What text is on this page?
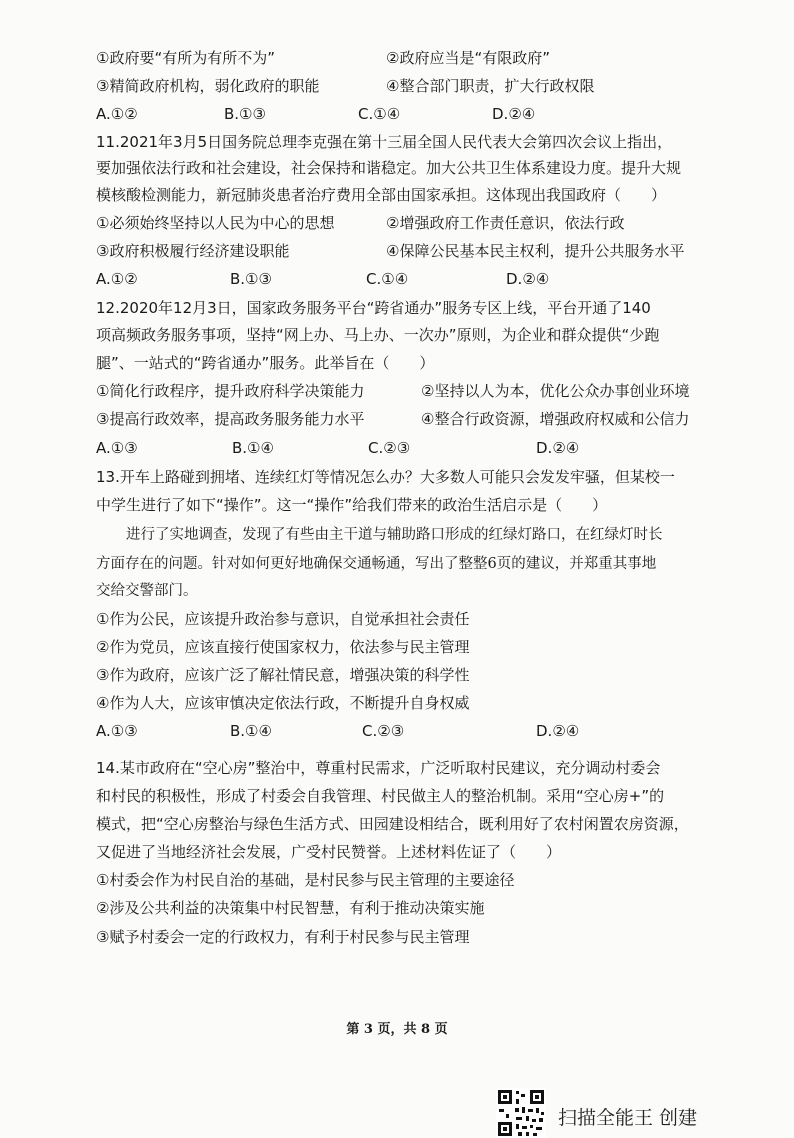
①政府要“有所为有所不为”	②政府应当是“有限政府”
③精简政府机构，弱化政府的职能	④整合部门职责，扩大行政权限
A.①②	B.①③	C.①④	D.②④
11.2021年3月5日国务院总理李克强在第十三届全国人民代表大会第四次会议上指出，
要加强依法行政和社会建设，社会保持和谐稳定。加大公共卫生体系建设力度。提升大规
模核酸检测能力，新冠肺炎患者治疗费用全部由国家承担。这体现出我国政府（　　）
①必须始终坚持以人民为中心的思想	②增强政府工作责任意识，依法行政
③政府积极履行经济建设职能	④保障公民基本民主权利，提升公共服务水平
A.①②	B.①③	C.①④	D.②④
12.2020年12月3日，国家政务服务平台“跨省通办”服务专区上线，平台开通了140
项高频政务服务事项，坚持“网上办、马上办、一次办”原则，为企业和群众提供“少跑
腿”、一站式的“跨省通办”服务。此举旨在（　　）
①简化行政程序，提升政府科学决策能力	②坚持以人为本，优化公众办事创业环境
③提高行政效率，提高政务服务能力水平	④整合行政资源，增强政府权威和公信力
A.①③	B.①④	C.②③	D.②④
13.开车上路碰到拥堵、连续红灯等情况怎么办？大多数人可能只会发发牢骚，但某校一
中学生进行了如下“操作”。这一“操作”给我们带来的政治生活启示是（　　）
进行了实地调查，发现了有些由主干道与辅助路口形成的红绿灯路口，在红绿灯时长
方面存在的问题。针对如何更好地确保交通畅通，写出了整整6页的建议，并郑重其事地
交给交警部门。
①作为公民，应该提升政治参与意识，自觉承担社会责任
②作为党员，应该直接行使国家权力，依法参与民主管理
③作为政府，应该广泛了解社情民意，增强决策的科学性
④作为人大，应该审慎决定依法行政，不断提升自身权威
A.①③	B.①④	C.②③	D.②④
14.某市政府在“空心房”整治中，尊重村民需求，广泛听取村民建议，充分调动村委会
和村民的积极性，形成了村委会自我管理、村民做主人的整治机制。采用“空心房+”的
模式，把“空心房整治与绿色生活方式、田园建设相结合，既利用好了农村闲置农房资源，
又促进了当地经济社会发展，广受村民赞誉。上述材料佐证了（　　）
①村委会作为村民自治的基础，是村民参与民主管理的主要途径
②涉及公共利益的决策集中村民智慧，有利于推动决策实施
③赋予村委会一定的行政权力，有利于村民参与民主管理
第 3 页，共 8 页
扫描全能王 创建
